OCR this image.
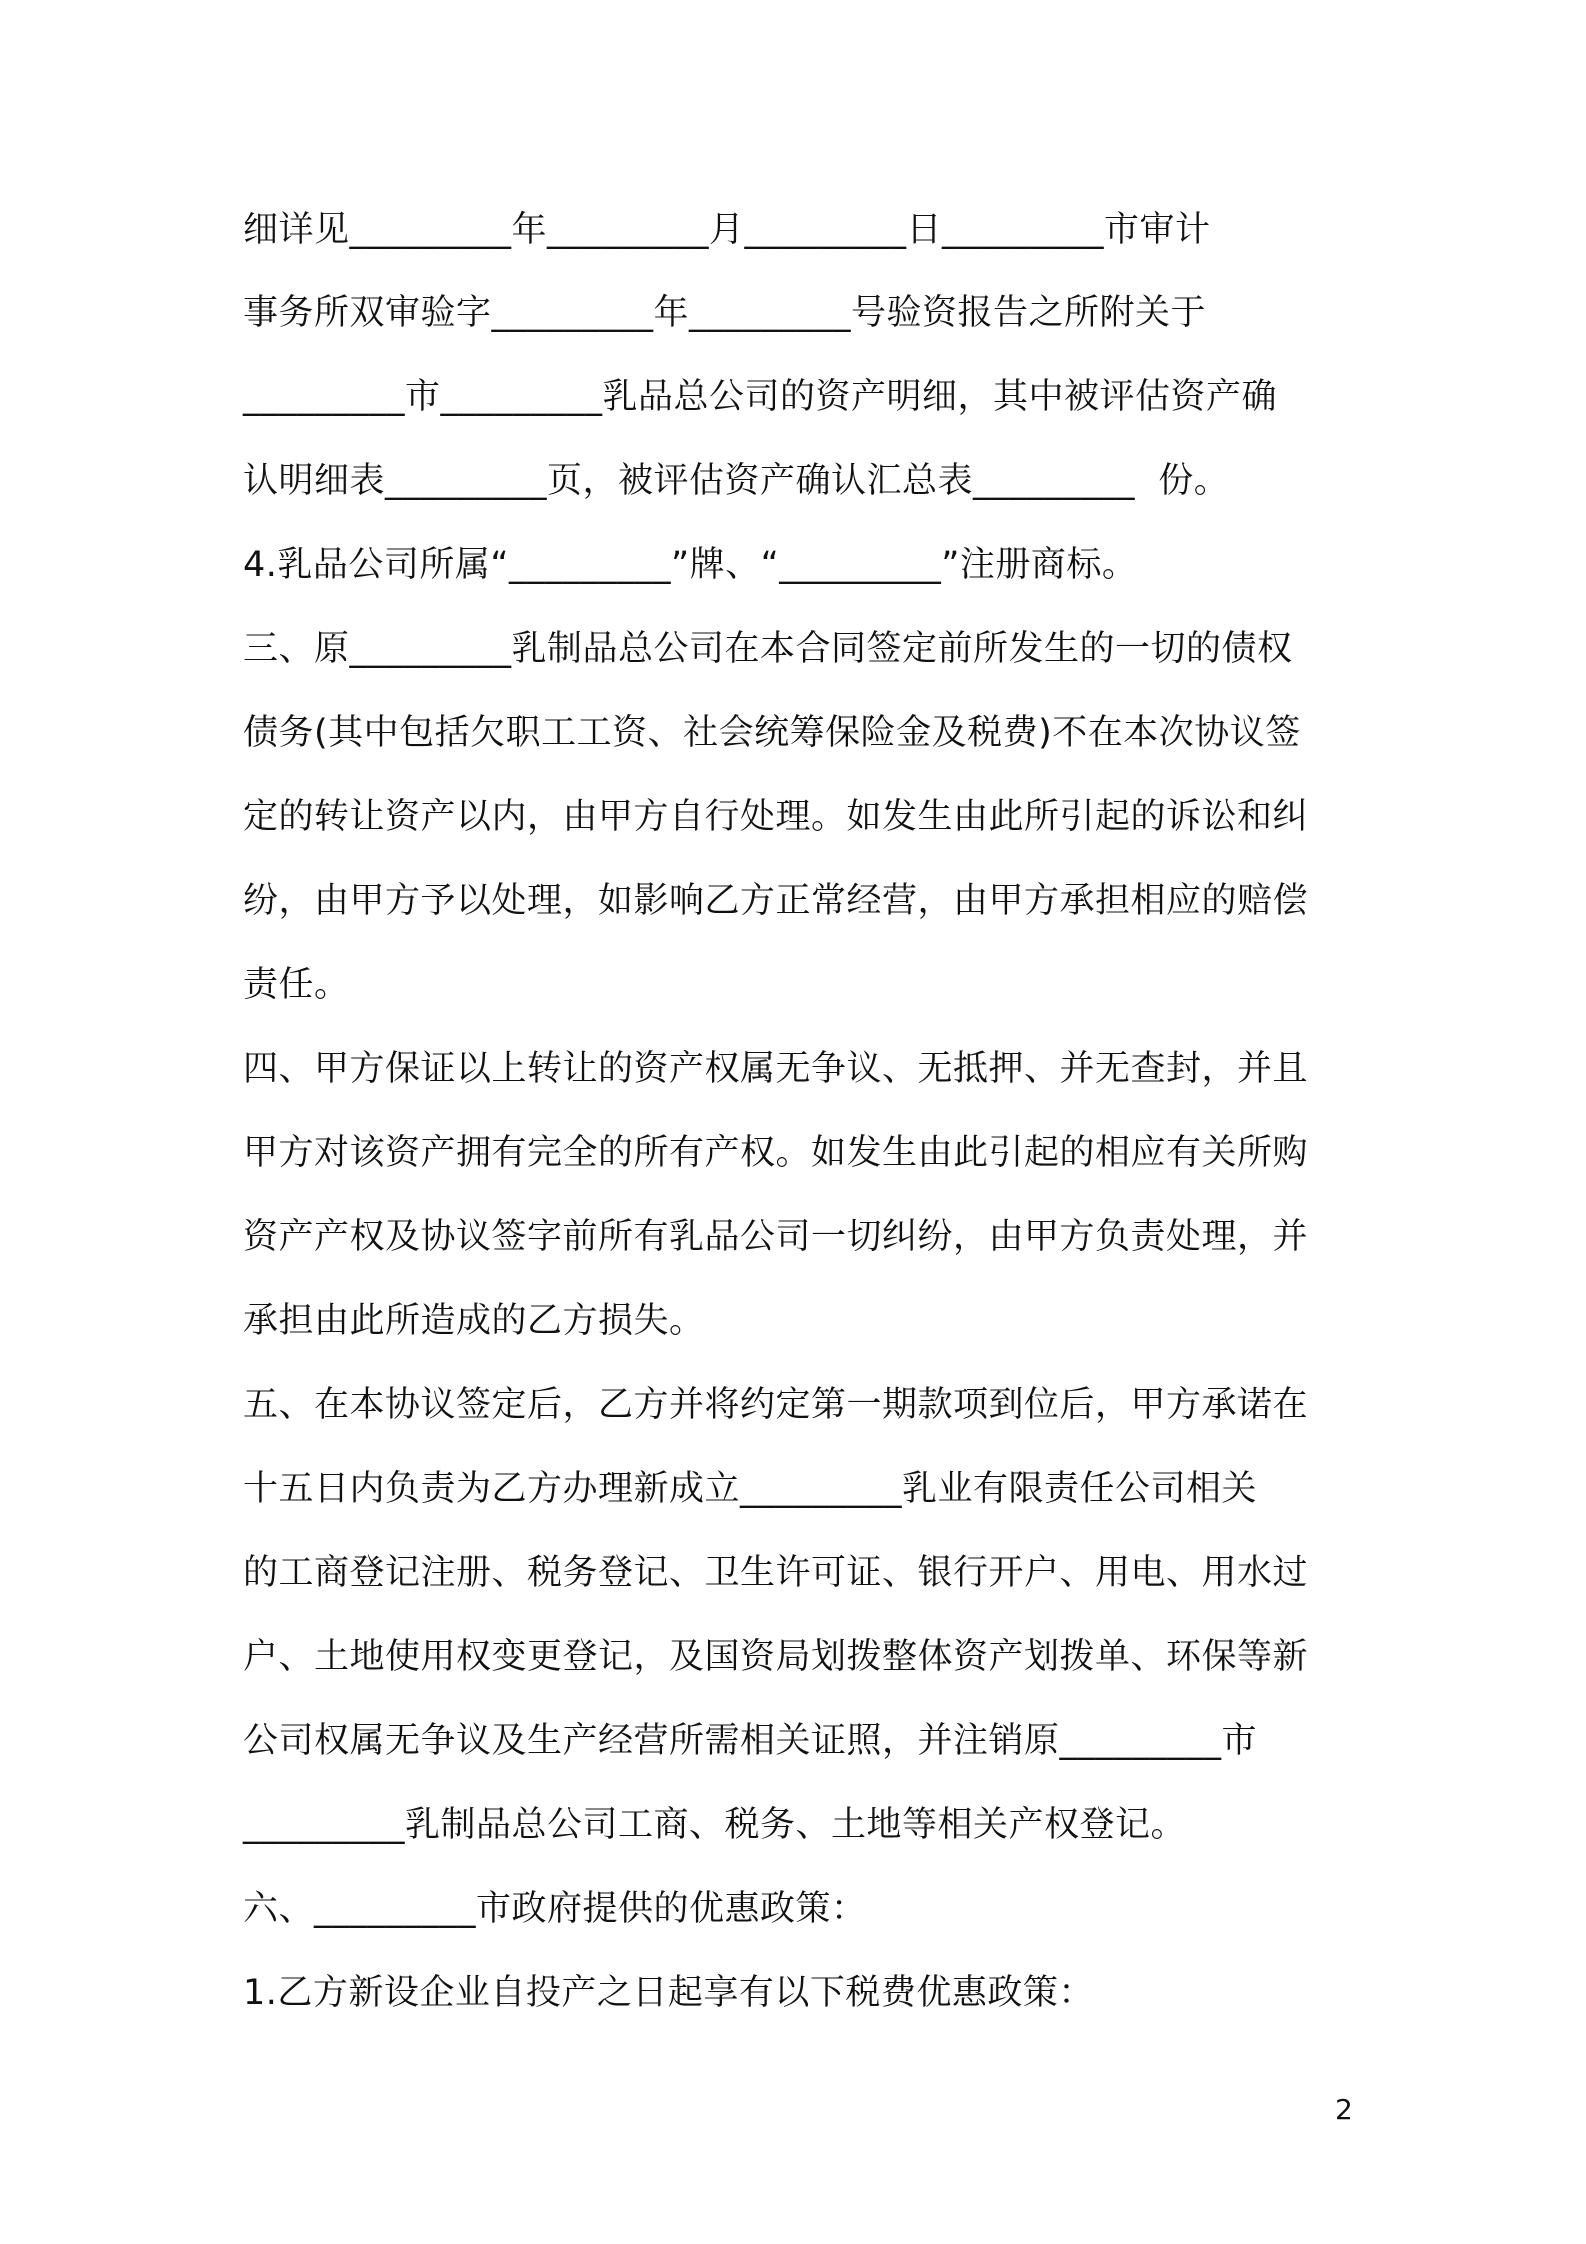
细详见_________年_________月_________日_________市审计
事务所双审验字_________年_________号验资报告之所附关于
_________市_________乳品总公司的资产明细，其中被评估资产确
认明细表_________页，被评估资产确认汇总表_________  份。
4.乳品公司所属“_________”牌、“_________”注册商标。
三、原_________乳制品总公司在本合同签定前所发生的一切的债权
债务(其中包括欠职工工资、社会统筹保险金及税费)不在本次协议签
定的转让资产以内，由甲方自行处理。如发生由此所引起的诉讼和纠
纷，由甲方予以处理，如影响乙方正常经营，由甲方承担相应的赔偿
责任。
四、甲方保证以上转让的资产权属无争议、无抵押、并无查封，并且
甲方对该资产拥有完全的所有产权。如发生由此引起的相应有关所购
资产产权及协议签字前所有乳品公司一切纠纷，由甲方负责处理，并
承担由此所造成的乙方损失。
五、在本协议签定后，乙方并将约定第一期款项到位后，甲方承诺在
十五日内负责为乙方办理新成立_________乳业有限责任公司相关
的工商登记注册、税务登记、卫生许可证、银行开户、用电、用水过
户、土地使用权变更登记，及国资局划拨整体资产划拨单、环保等新
公司权属无争议及生产经营所需相关证照，并注销原_________市
_________乳制品总公司工商、税务、土地等相关产权登记。
六、_________市政府提供的优惠政策：
1.乙方新设企业自投产之日起享有以下税费优惠政策：
2
